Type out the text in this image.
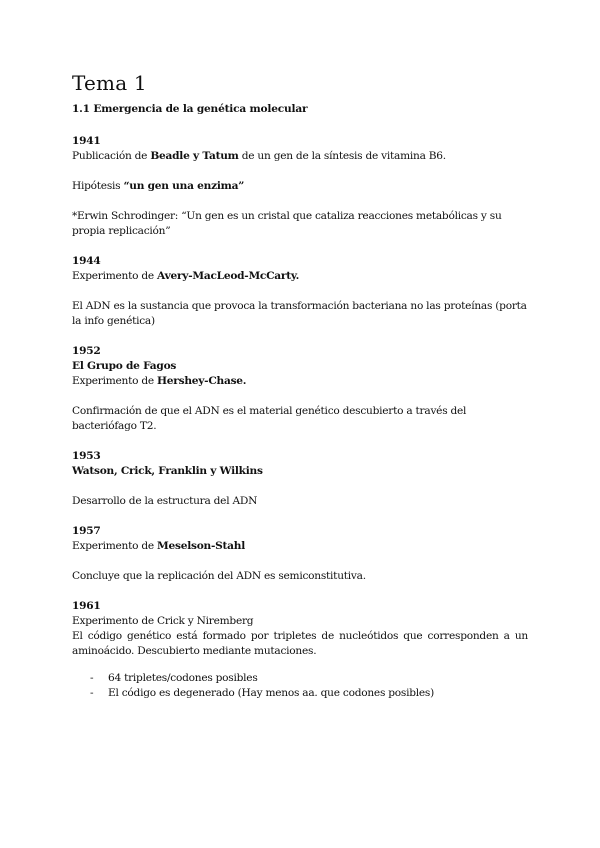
Tema 1
1.1 Emergencia de la genética molecular

1941

Publicación de Beadle y Tatum de un gen de la síntesis de vitamina B6.

Hipótesis “un gen una enzima”

*Erwin Schrodinger: “Un gen es un cristal que cataliza reacciones metabólicas y su propia replicación”

1944

Experimento de Avery-MacLeod-McCarty.

El ADN es la sustancia que provoca la transformación bacteriana no las proteínas (porta la info genética)

1952

El Grupo de Fagos

Experimento de Hershey-Chase.

Confirmación de que el ADN es el material genético descubierto a través del bacteriófago T2.

1953

Watson, Crick, Franklin y Wilkins

Desarrollo de la estructura del ADN

1957

Experimento de Meselson-Stahl

Concluye que la replicación del ADN es semiconstitutiva.

1961

Experimento de Crick y Niremberg

El código genético está formado por tripletes de nucleótidos que corresponden a un aminoácido. Descubierto mediante mutaciones.

- 64 tripletes/codones posibles
- El código es degenerado (Hay menos aa. que codones posibles)
